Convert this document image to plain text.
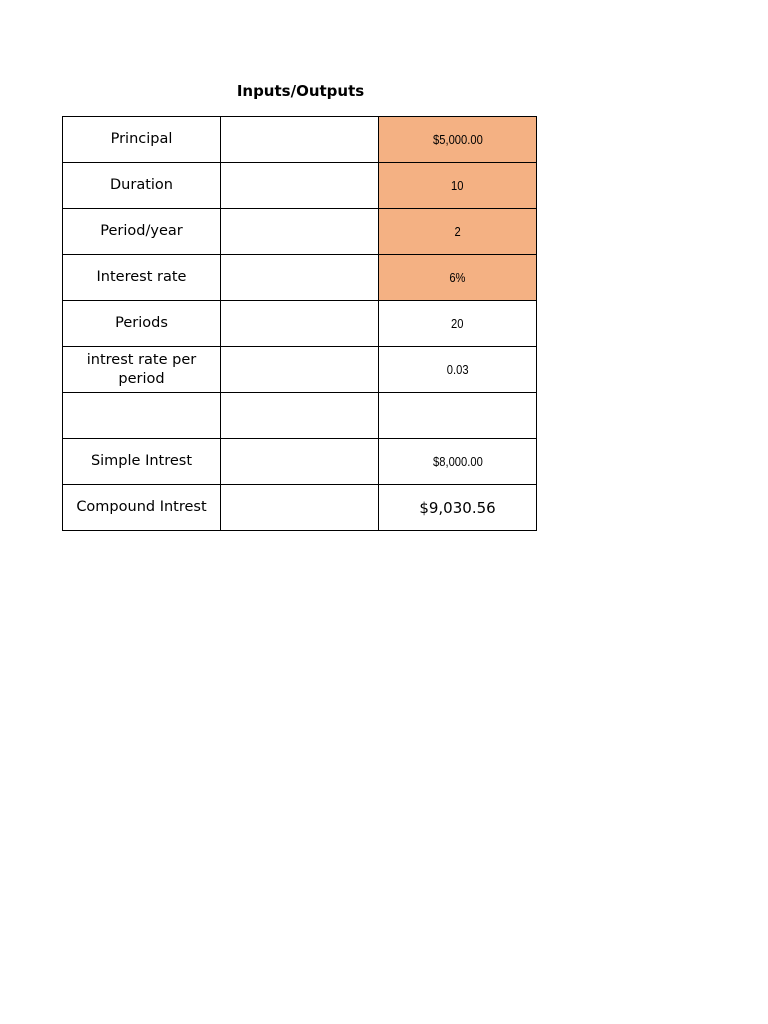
Inputs/Outputs
Principal		$5,000.00
Duration		10
Period/year		2
Interest rate		6%
Periods		20
intrest rate per period		0.03

Simple Intrest		$8,000.00
Compound Intrest		$9,030.56
